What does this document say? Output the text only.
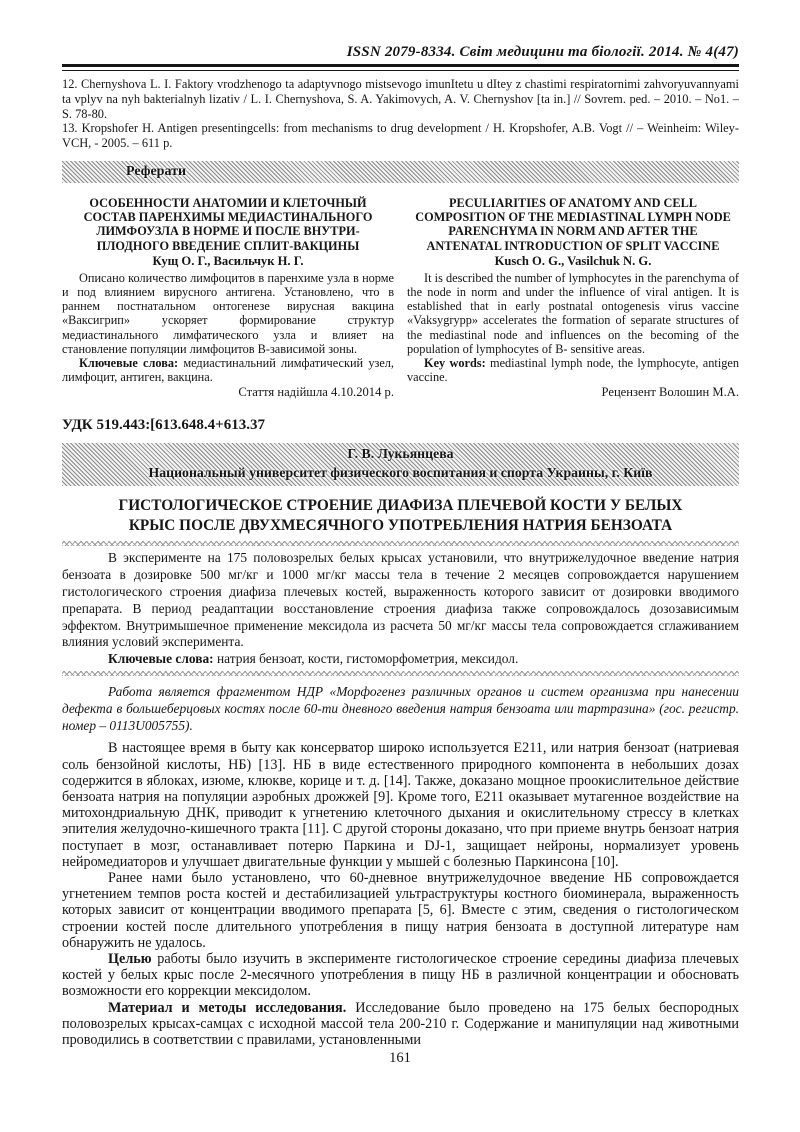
ISSN 2079-8334. Світ медицини та біології. 2014. № 4(47)

12. Chernyshova L. I. Faktory vrodzhenogo ta adaptyvnogo mistsevogo imunItetu u dItey z chastimi respiratornimi zahvoryuvannyami ta vplyv na nyh bakterialnyh lizativ / L. I. Chernyshova, S. A. Yakimovych, A. V. Chernyshov [ta in.] // Sovrem. ped. – 2010. – No1. – S. 78-80.

13. Kropshofer H. Antigen presentingcells: from mechanisms to drug development / H. Kropshofer, A.B. Vogt // – Weinheim: Wiley-VCH, - 2005. – 611 p.

Реферати
ОСОБЕННОСТИ АНАТОМИИ И КЛЕТОЧНЫЙ
СОСТАВ ПАРЕНХИМЫ МЕДИАСТИНАЛЬНОГО
ЛИМФОУЗЛА В НОРМЕ И ПОСЛЕ ВНУТРИ-
ПЛОДНОГО ВВЕДЕНИЕ СПЛИТ-ВАКЦИНЫ
Кущ О. Г., Васильчук Н. Г.

Описано количество лимфоцитов в паренхиме узла в норме и под влиянием вирусного антигена. Установлено, что в раннем постнатальном онтогенезе вирусная вакцина «Ваксигрип» ускоряет формирование структур медиастинального лимфатического узла и влияет на становление популяции лимфоцитов В-зависимой зоны.

Ключевые слова: медиастинальний лимфатический узел, лимфоцит, антиген, вакцина.

Стаття надійшла 4.10.2014 р.

PECULIARITIES OF ANATOMY AND CELL
COMPOSITION OF THE MEDIASTINAL LYMPH NODE
PARENCHYMA IN NORM AND AFTER THE
ANTENATAL INTRODUCTION OF SPLIT VACCINE
Kusch O. G., Vasilchuk N. G.

It is described the number of lymphocytes in the parenchyma of the node in norm and under the influence of viral antigen. It is established that in early postnatal ontogenesis virus vaccine «Vaksygrypp» accelerates the formation of separate structures of the mediastinal node and influences on the becoming of the population of lymphocytes of B- sensitive areas.

Key words: mediastinal lymph node, the lymphocyte, antigen vaccine.

Рецензент Волошин М.А.

УДК 519.443:[613.648.4+613.37
Г. В. Лукьянцева
Национальный университет физического воспитания и спорта Украины, г. Київ
ГИСТОЛОГИЧЕСКОЕ СТРОЕНИЕ ДИАФИЗА ПЛЕЧЕВОЙ КОСТИ У БЕЛЫХ
КРЫС ПОСЛЕ ДВУХМЕСЯЧНОГО УПОТРЕБЛЕНИЯ НАТРИЯ БЕНЗОАТА

В эксперименте на 175 половозрелых белых крысах установили, что внутрижелудочное введение натрия бензоата в дозировке 500 мг/кг и 1000 мг/кг массы тела в течение 2 месяцев сопровождается нарушением гистологического строения диафиза плечевых костей, выраженность которого зависит от дозировки вводимого препарата. В период реадаптации восстановление строения диафиза также сопровождалось дозозависимым эффектом. Внутримышечное применение мексидола из расчета 50 мг/кг массы тела сопровождается сглаживанием влияния условий эксперимента.

Ключевые слова: натрия бензоат, кости, гистоморфометрия, мексидол.

Работа является фрагментом НДР «Морфогенез различных органов и систем организма при нанесении дефекта в большеберцовых костях после 60-ти дневного введения натрия бензоата или тартразина» (гос. регистр. номер – 0113U005755).

В настоящее время в быту как консерватор широко используется Е211, или натрия бензоат (натриевая соль бензойной кислоты, НБ) [13]. НБ в виде естественного природного компонента в небольших дозах содержится в яблоках, изюме, клюкве, корице и т. д. [14]. Также, доказано мощное проокислительное действие бензоата натрия на популяции аэробных дрожжей [9]. Кроме того, Е211 оказывает мутагенное воздействие на митохондриальную ДНК, приводит к угнетению клеточного дыхания и окислительному стрессу в клетках эпителия желудочно-кишечного тракта [11]. С другой стороны доказано, что при приеме внутрь бензоат натрия поступает в мозг, останавливает потерю Паркина и DJ-1, защищает нейроны, нормализует уровень нейромедиаторов и улучшает двигательные функции у мышей с болезнью Паркинсона [10].

Ранее нами было установлено, что 60-дневное внутрижелудочное введение НБ сопровождается угнетением темпов роста костей и дестабилизацией ультраструктуры костного биоминерала, выраженность которых зависит от концентрации вводимого препарата [5, 6]. Вместе с этим, сведения о гистологическом строении костей после длительного употребления в пищу натрия бензоата в доступной литературе нам обнаружить не удалось.

Целью работы было изучить в эксперименте гистологическое строение середины диафиза плечевых костей у белых крыс после 2-месячного употребления в пищу НБ в различной концентрации и обосновать возможности его коррекции мексидолом.

Материал и методы исследования. Исследование было проведено на 175 белых беспородных половозрелых крысах-самцах с исходной массой тела 200-210 г. Содержание и манипуляции над животными проводились в соответствии с правилами, установленными

161
